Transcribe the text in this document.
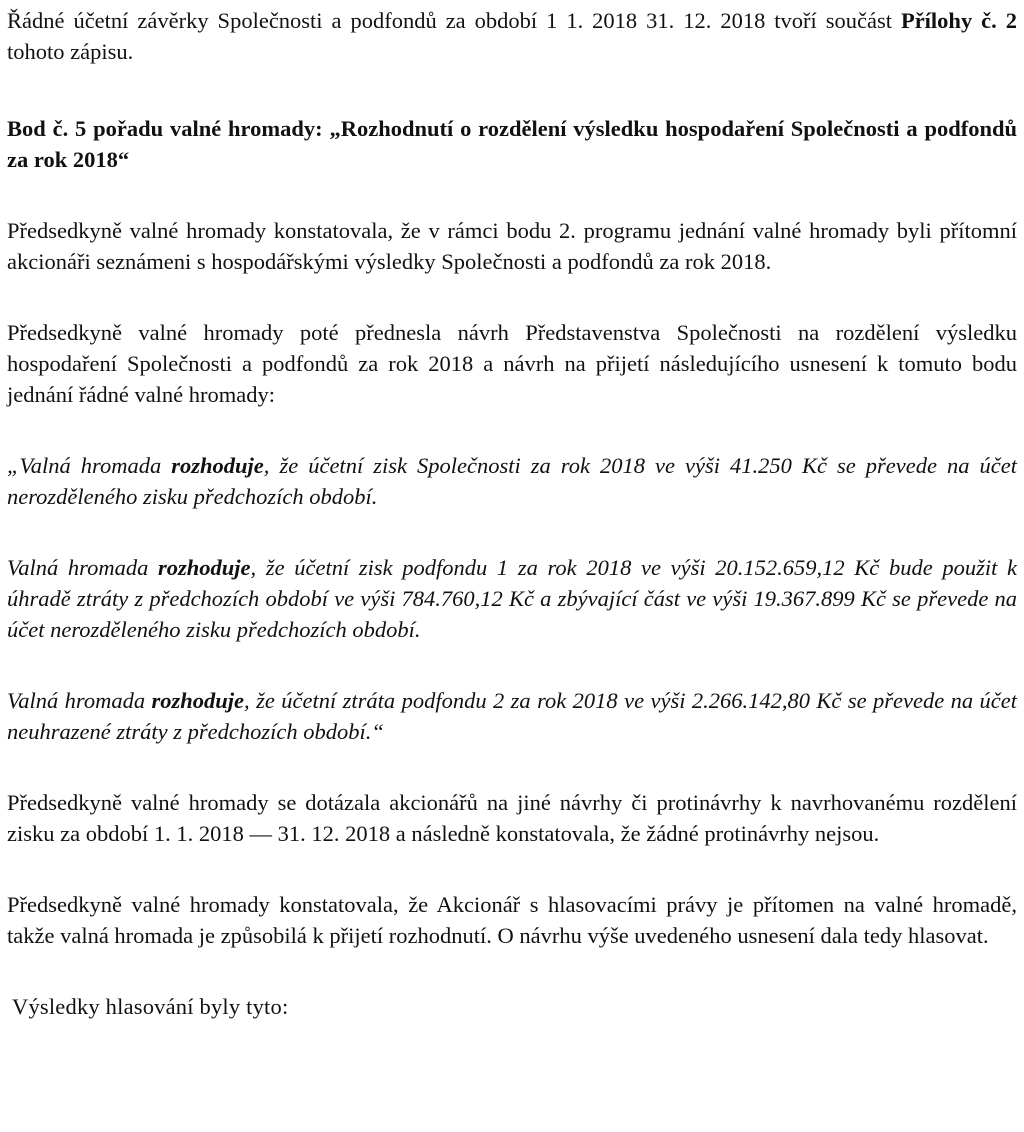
Řádné účetní závěrky Společnosti a podfondů za období 1 1. 2018 31. 12. 2018 tvoří součást Přílohy č. 2 tohoto zápisu.

Bod č. 5 pořadu valné hromady: „Rozhodnutí o rozdělení výsledku hospodaření Společnosti a podfondů za rok 2018“

Předsedkyně valné hromady konstatovala, že v rámci bodu 2. programu jednání valné hromady byli přítomní akcionáři seznámeni s hospodářskými výsledky Společnosti a podfondů za rok 2018.

Předsedkyně valné hromady poté přednesla návrh Představenstva Společnosti na rozdělení výsledku hospodaření Společnosti a podfondů za rok 2018 a návrh na přijetí následujícího usnesení k tomuto bodu jednání řádné valné hromady:

„Valná hromada rozhoduje, že účetní zisk Společnosti za rok 2018 ve výši 41.250 Kč se převede na účet nerozděleného zisku předchozích období.

Valná hromada rozhoduje, že účetní zisk podfondu 1 za rok 2018 ve výši 20.152.659,12 Kč bude použit k úhradě ztráty z předchozích období ve výši 784.760,12 Kč a zbývající část ve výši 19.367.899 Kč se převede na účet nerozděleného zisku předchozích období.

Valná hromada rozhoduje, že účetní ztráta podfondu 2 za rok 2018 ve výši 2.266.142,80 Kč se převede na účet neuhrazené ztráty z předchozích období.“

Předsedkyně valné hromady se dotázala akcionářů na jiné návrhy či protinávrhy k navrhovanému rozdělení zisku za období 1. 1. 2018 — 31. 12. 2018 a následně konstatovala, že žádné protinávrhy nejsou.

Předsedkyně valné hromady konstatovala, že Akcionář s hlasovacími právy je přítomen na valné hromadě, takže valná hromada je způsobilá k přijetí rozhodnutí. O návrhu výše uvedeného usnesení dala tedy hlasovat.

Výsledky hlasování byly tyto:
